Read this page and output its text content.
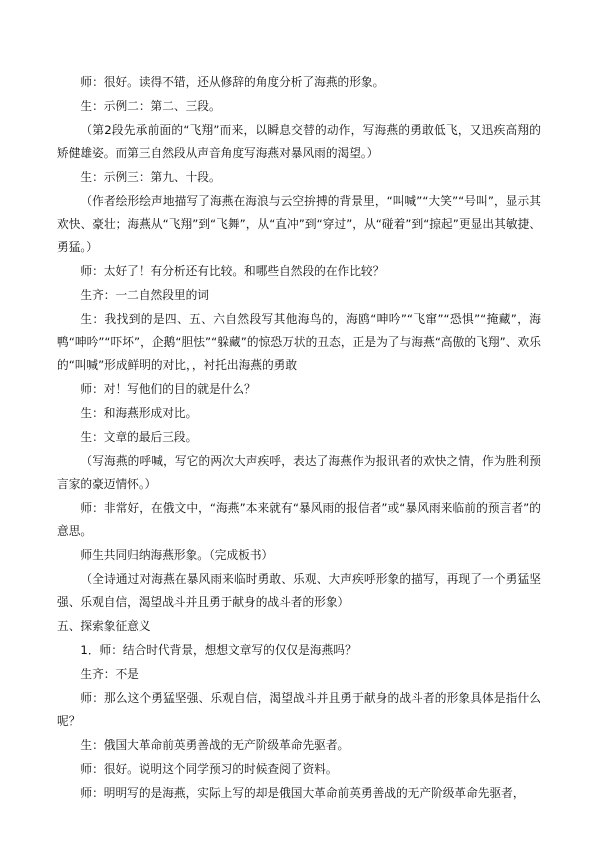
师：很好。读得不错，还从修辞的角度分析了海燕的形象。

生：示例二：第二、三段。

（第2段先承前面的“飞翔”而来，以瞬息交替的动作，写海燕的勇敢低飞，又迅疾高翔的矫健雄姿。而第三自然段从声音角度写海燕对暴风雨的渴望。）

生：示例三：第九、十段。

（作者绘形绘声地描写了海燕在海浪与云空拚搏的背景里，“叫喊”“大笑”“号叫”，显示其欢快、豪壮；海燕从“飞翔”到“飞舞”，从“直冲”到“穿过”，从“碰着”到“掠起”更显出其敏捷、勇猛。）

师：太好了！有分析还有比较。和哪些自然段的在作比较？

生齐：一二自然段里的词

生：我找到的是四、五、六自然段写其他海鸟的，海鸥“呻吟”“飞窜”“恐惧”“掩藏”，海鸭“呻吟”“吓坏”，企鹅“胆怯”“躲藏”的惊恐万状的丑态，正是为了与海燕“高傲的飞翔”、欢乐的“叫喊”形成鲜明的对比，，衬托出海燕的勇敢

师：对！写他们的目的就是什么？

生：和海燕形成对比。

生：文章的最后三段。

（写海燕的呼喊，写它的两次大声疾呼，表达了海燕作为报讯者的欢快之情，作为胜利预言家的豪迈情怀。）

师：非常好，在俄文中，“海燕”本来就有“暴风雨的报信者”或“暴风雨来临前的预言者”的意思。

师生共同归纳海燕形象。（完成板书）

（全诗通过对海燕在暴风雨来临时勇敢、乐观、大声疾呼形象的描写，再现了一个勇猛坚强、乐观自信，渴望战斗并且勇于献身的战斗者的形象）

五、探索象征意义

1．师：结合时代背景，想想文章写的仅仅是海燕吗？

生齐：不是

师：那么这个勇猛坚强、乐观自信，渴望战斗并且勇于献身的战斗者的形象具体是指什么呢？

生：俄国大革命前英勇善战的无产阶级革命先驱者。

师：很好。说明这个同学预习的时候查阅了资料。

师：明明写的是海燕，实际上写的却是俄国大革命前英勇善战的无产阶级革命先驱者，
